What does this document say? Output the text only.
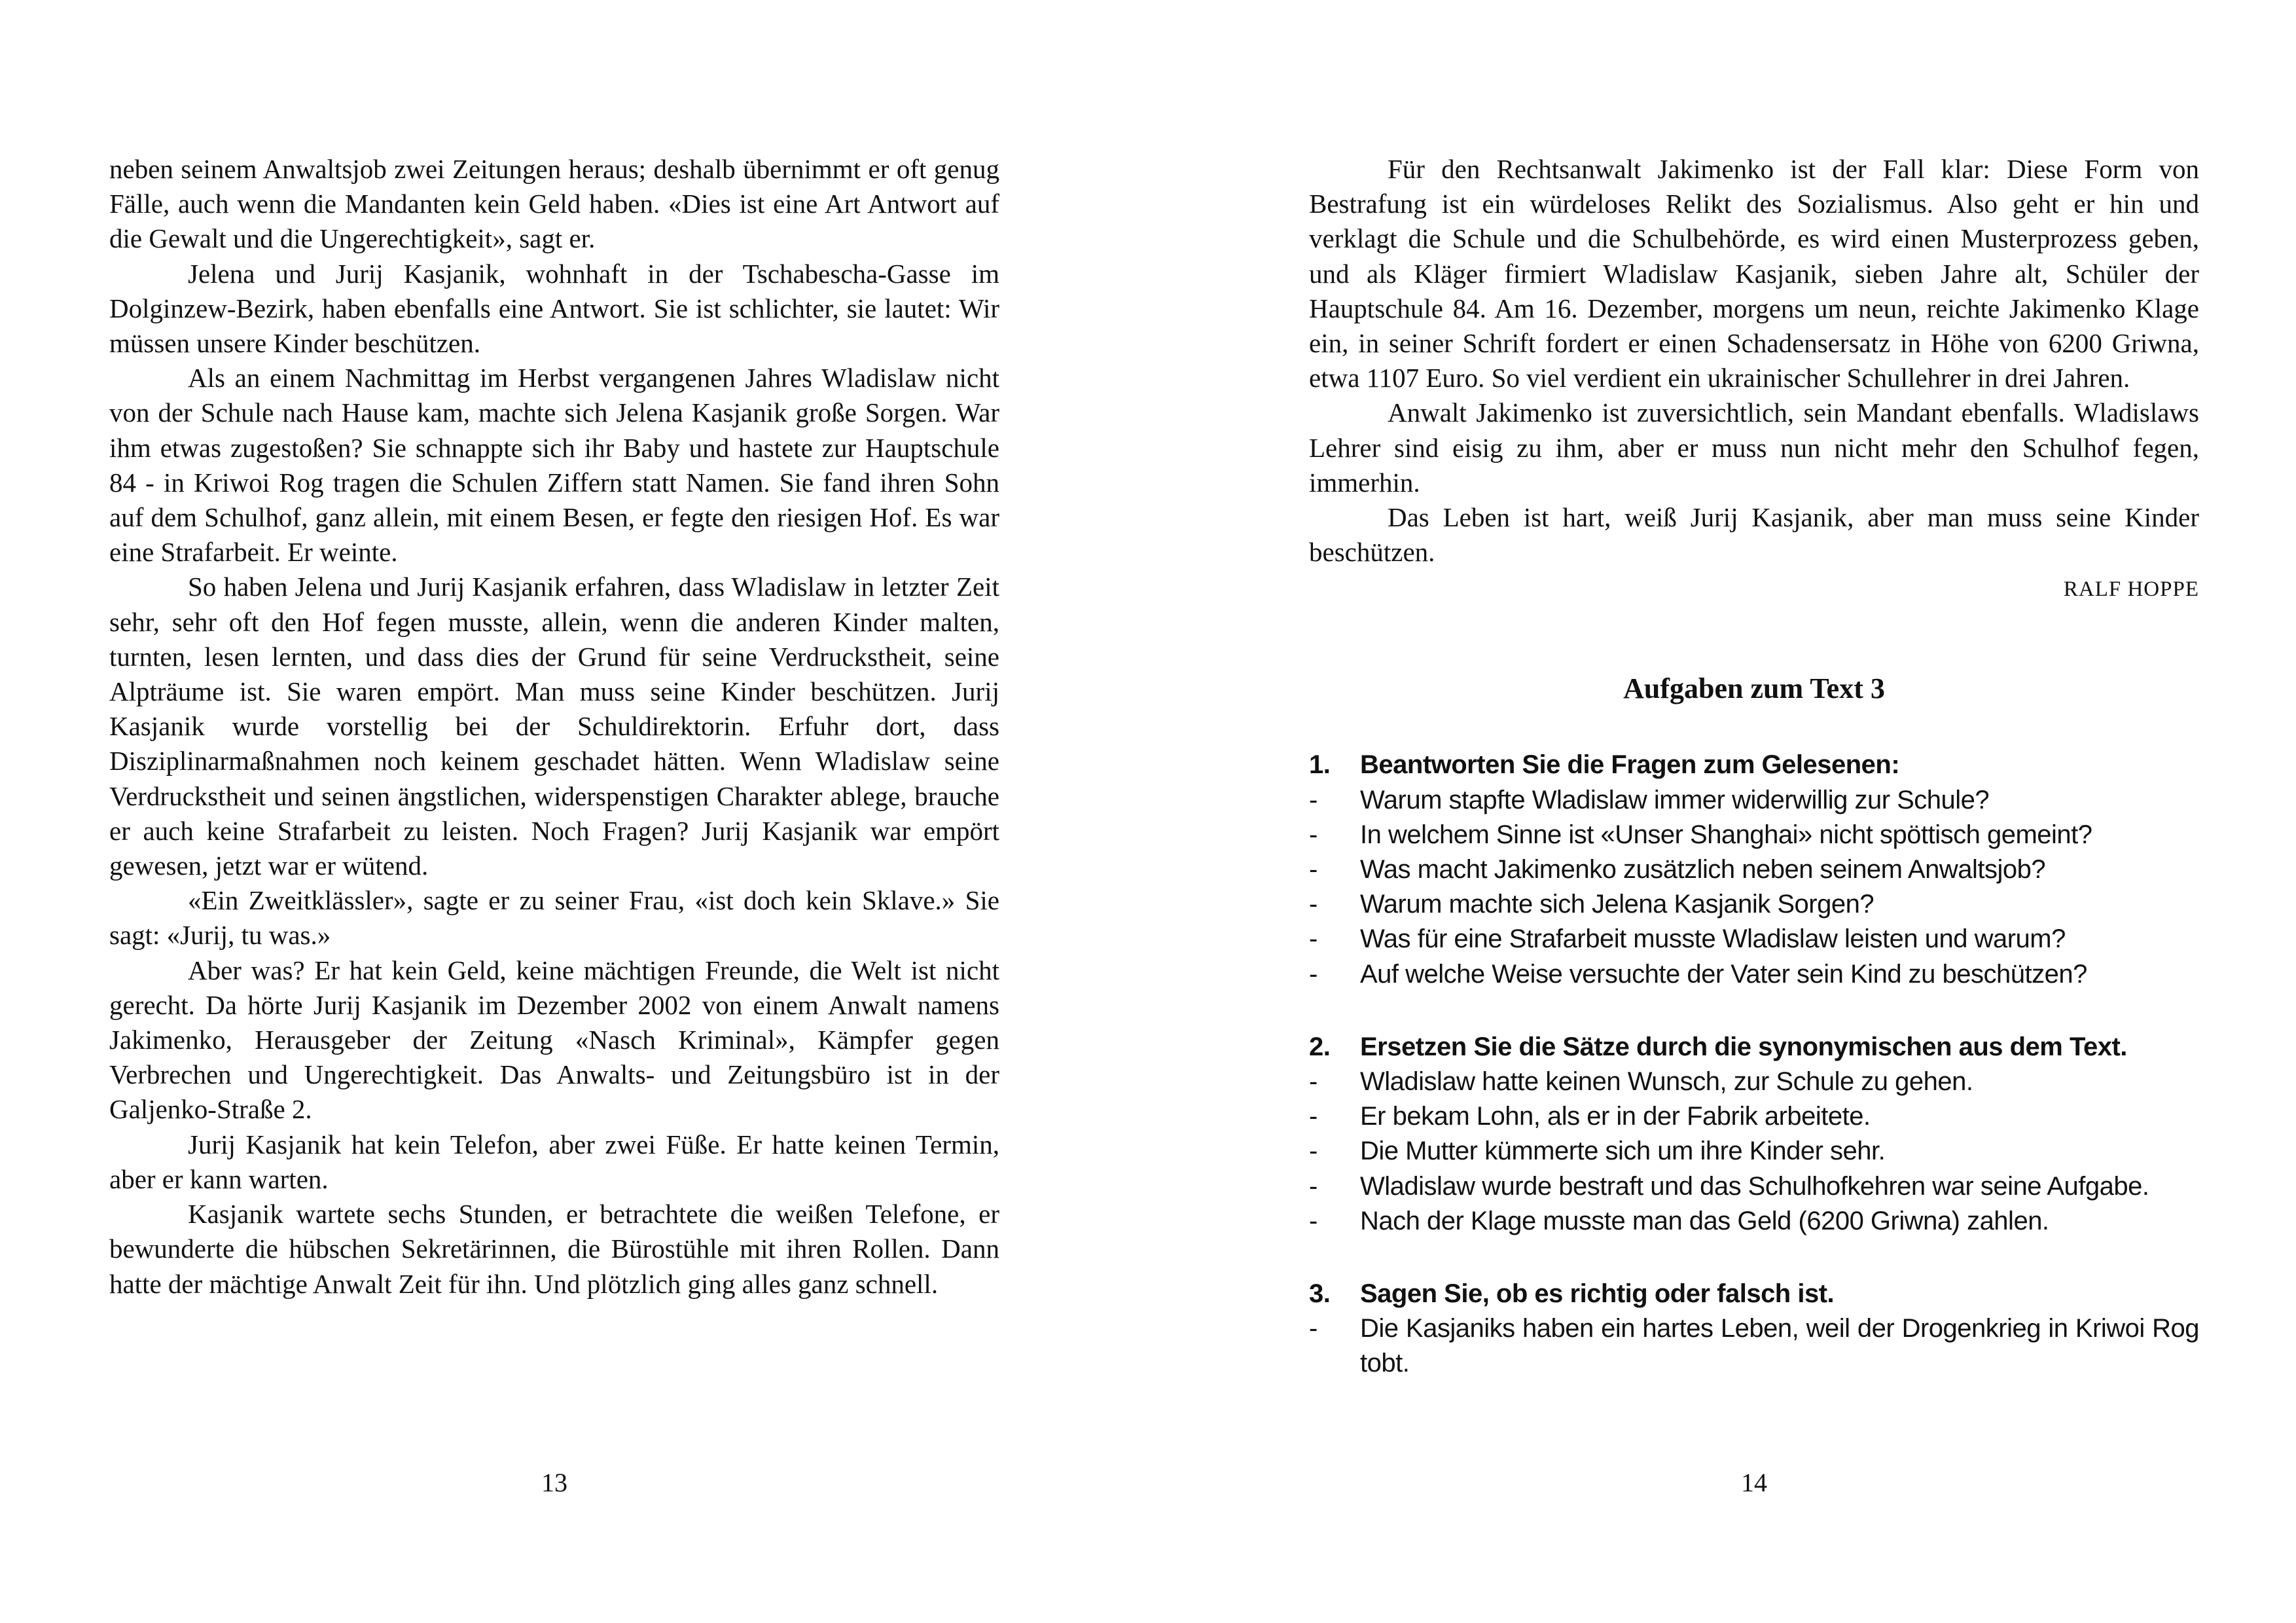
neben seinem Anwaltsjob zwei Zeitungen heraus; deshalb übernimmt er oft genug Fälle, auch wenn die Mandanten kein Geld haben. «Dies ist eine Art Antwort auf die Gewalt und die Ungerechtigkeit», sagt er.

Jelena und Jurij Kasjanik, wohnhaft in der Tschabescha-Gasse im Dolginzew-Bezirk, haben ebenfalls eine Antwort. Sie ist schlichter, sie lautet: Wir müssen unsere Kinder beschützen.

Als an einem Nachmittag im Herbst vergangenen Jahres Wladislaw nicht von der Schule nach Hause kam, machte sich Jelena Kasjanik große Sorgen. War ihm etwas zugestoßen? Sie schnappte sich ihr Baby und hastete zur Hauptschule 84 - in Kriwoi Rog tragen die Schulen Ziffern statt Namen. Sie fand ihren Sohn auf dem Schulhof, ganz allein, mit einem Besen, er fegte den riesigen Hof. Es war eine Strafarbeit. Er weinte.

So haben Jelena und Jurij Kasjanik erfahren, dass Wladislaw in letzter Zeit sehr, sehr oft den Hof fegen musste, allein, wenn die anderen Kinder malten, turnten, lesen lernten, und dass dies der Grund für seine Verdrucksthеit, seine Alpträume ist. Sie waren empört. Man muss seine Kinder beschützen. Jurij Kasjanik wurde vorstellig bei der Schuldirektorin. Erfuhr dort, dass Disziplinarmaßnahmen noch keinem geschadet hätten. Wenn Wladislaw seine Verdrucksthеit und seinen ängstlichen, widerspenstigen Charakter ablege, brauche er auch keine Strafarbeit zu leisten. Noch Fragen? Jurij Kasjanik war empört gewesen, jetzt war er wütend.

«Ein Zweitklässler», sagte er zu seiner Frau, «ist doch kein Sklave.» Sie sagt: «Jurij, tu was.»

Aber was? Er hat kein Geld, keine mächtigen Freunde, die Welt ist nicht gerecht. Da hörte Jurij Kasjanik im Dezember 2002 von einem Anwalt namens Jakimenko, Herausgeber der Zeitung «Nasch Kriminal», Kämpfer gegen Verbrechen und Ungerechtigkeit. Das Anwalts- und Zeitungsbüro ist in der Galjenko-Straße 2.

Jurij Kasjanik hat kein Telefon, aber zwei Füße. Er hatte keinen Termin, aber er kann warten.

Kasjanik wartete sechs Stunden, er betrachtete die weißen Telefone, er bewunderte die hübschen Sekretärinnen, die Bürostühle mit ihren Rollen. Dann hatte der mächtige Anwalt Zeit für ihn. Und plötzlich ging alles ganz schnell.

13

Für den Rechtsanwalt Jakimenko ist der Fall klar: Diese Form von Bestrafung ist ein würdeloses Relikt des Sozialismus. Also geht er hin und verklagt die Schule und die Schulbehörde, es wird einen Musterprozess geben, und als Kläger firmiert Wladislaw Kasjanik, sieben Jahre alt, Schüler der Hauptschule 84. Am 16. Dezember, morgens um neun, reichte Jakimenko Klage ein, in seiner Schrift fordert er einen Schadensersatz in Höhe von 6200 Griwna, etwa 1107 Euro. So viel verdient ein ukrainischer Schullehrer in drei Jahren.

Anwalt Jakimenko ist zuversichtlich, sein Mandant ebenfalls. Wladislaws Lehrer sind eisig zu ihm, aber er muss nun nicht mehr den Schulhof fegen, immerhin.

Das Leben ist hart, weiß Jurij Kasjanik, aber man muss seine Kinder beschützen.

RALF HOPPE

Aufgaben zum Text 3
1.	Beantworten Sie die Fragen zum Gelesenen:
-	Warum stapfte Wladislaw immer widerwillig zur Schule?
-	In welchem Sinne ist «Unser Shanghai» nicht spöttisch gemeint?
-	Was macht Jakimenko zusätzlich neben seinem Anwaltsjob?
-	Warum machte sich Jelena Kasjanik Sorgen?
-	Was für eine Strafarbeit musste Wladislaw leisten und warum?
-	Auf welche Weise versuchte der Vater sein Kind zu beschützen?
2.	Ersetzen Sie die Sätze durch die synonymischen aus dem Text.
-	Wladislaw hatte keinen Wunsch, zur Schule zu gehen.
-	Er bekam Lohn, als er in der Fabrik arbeitete.
-	Die Mutter kümmerte sich um ihre Kinder sehr.
-	Wladislaw wurde bestraft und das Schulhofkehren war seine Aufgabe.
-	Nach der Klage musste man das Geld (6200 Griwna) zahlen.
3.	Sagen Sie, ob es richtig oder falsch ist.
-	Die Kasjaniks haben ein hartes Leben, weil der Drogenkrieg in Kriwoi Rog tobt.
14
